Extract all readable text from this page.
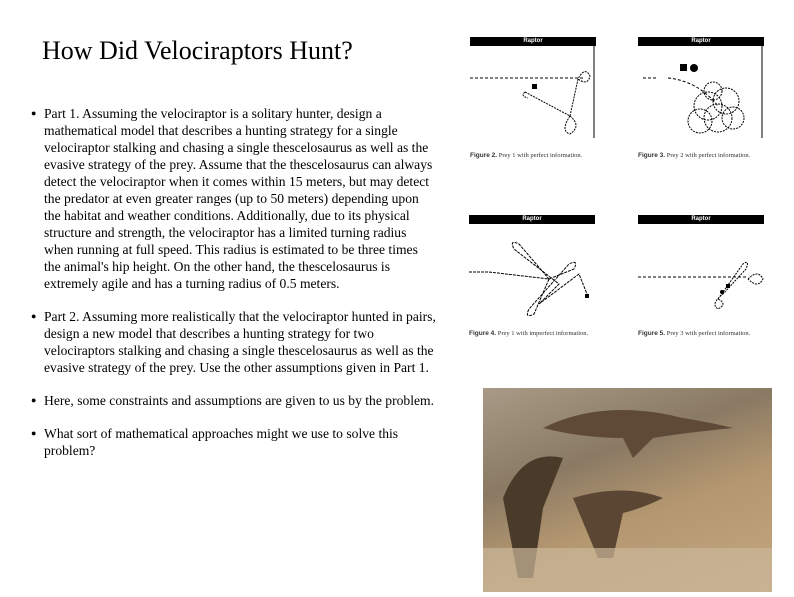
How Did Velociraptors Hunt?
● Part 1. Assuming the velociraptor is a solitary hunter, design a mathematical model that describes a hunting strategy for a single velociraptor stalking and chasing a single thescelosaurus as well as the evasive strategy of the prey. Assume that the thescelosaurus can always detect the velociraptor when it comes within 15 meters, but may detect the predator at even greater ranges (up to 50 meters) depending upon the habitat and weather conditions. Additionally, due to its physical structure and strength, the velociraptor has a limited turning radius when running at full speed. This radius is estimated to be three times the animal's hip height. On the other hand, the thescelosaurus is extremely agile and has a turning radius of 0.5 meters.
● Part 2. Assuming more realistically that the velociraptor hunted in pairs, design a new model that describes a hunting strategy for two velociraptors stalking and chasing a single thescelosaurus as well as the evasive strategy of the prey. Use the other assumptions given in Part 1.
● Here, some constraints and assumptions are given to us by the problem.
● What sort of mathematical approaches might we use to solve this problem?
Raptor
Figure 2. Prey 1 with perfect information.
Raptor
Figure 3. Prey 2 with perfect information.
Raptor
Figure 4. Prey 1 with imperfect information.
Raptor
Figure 5. Prey 3 with perfect information.
